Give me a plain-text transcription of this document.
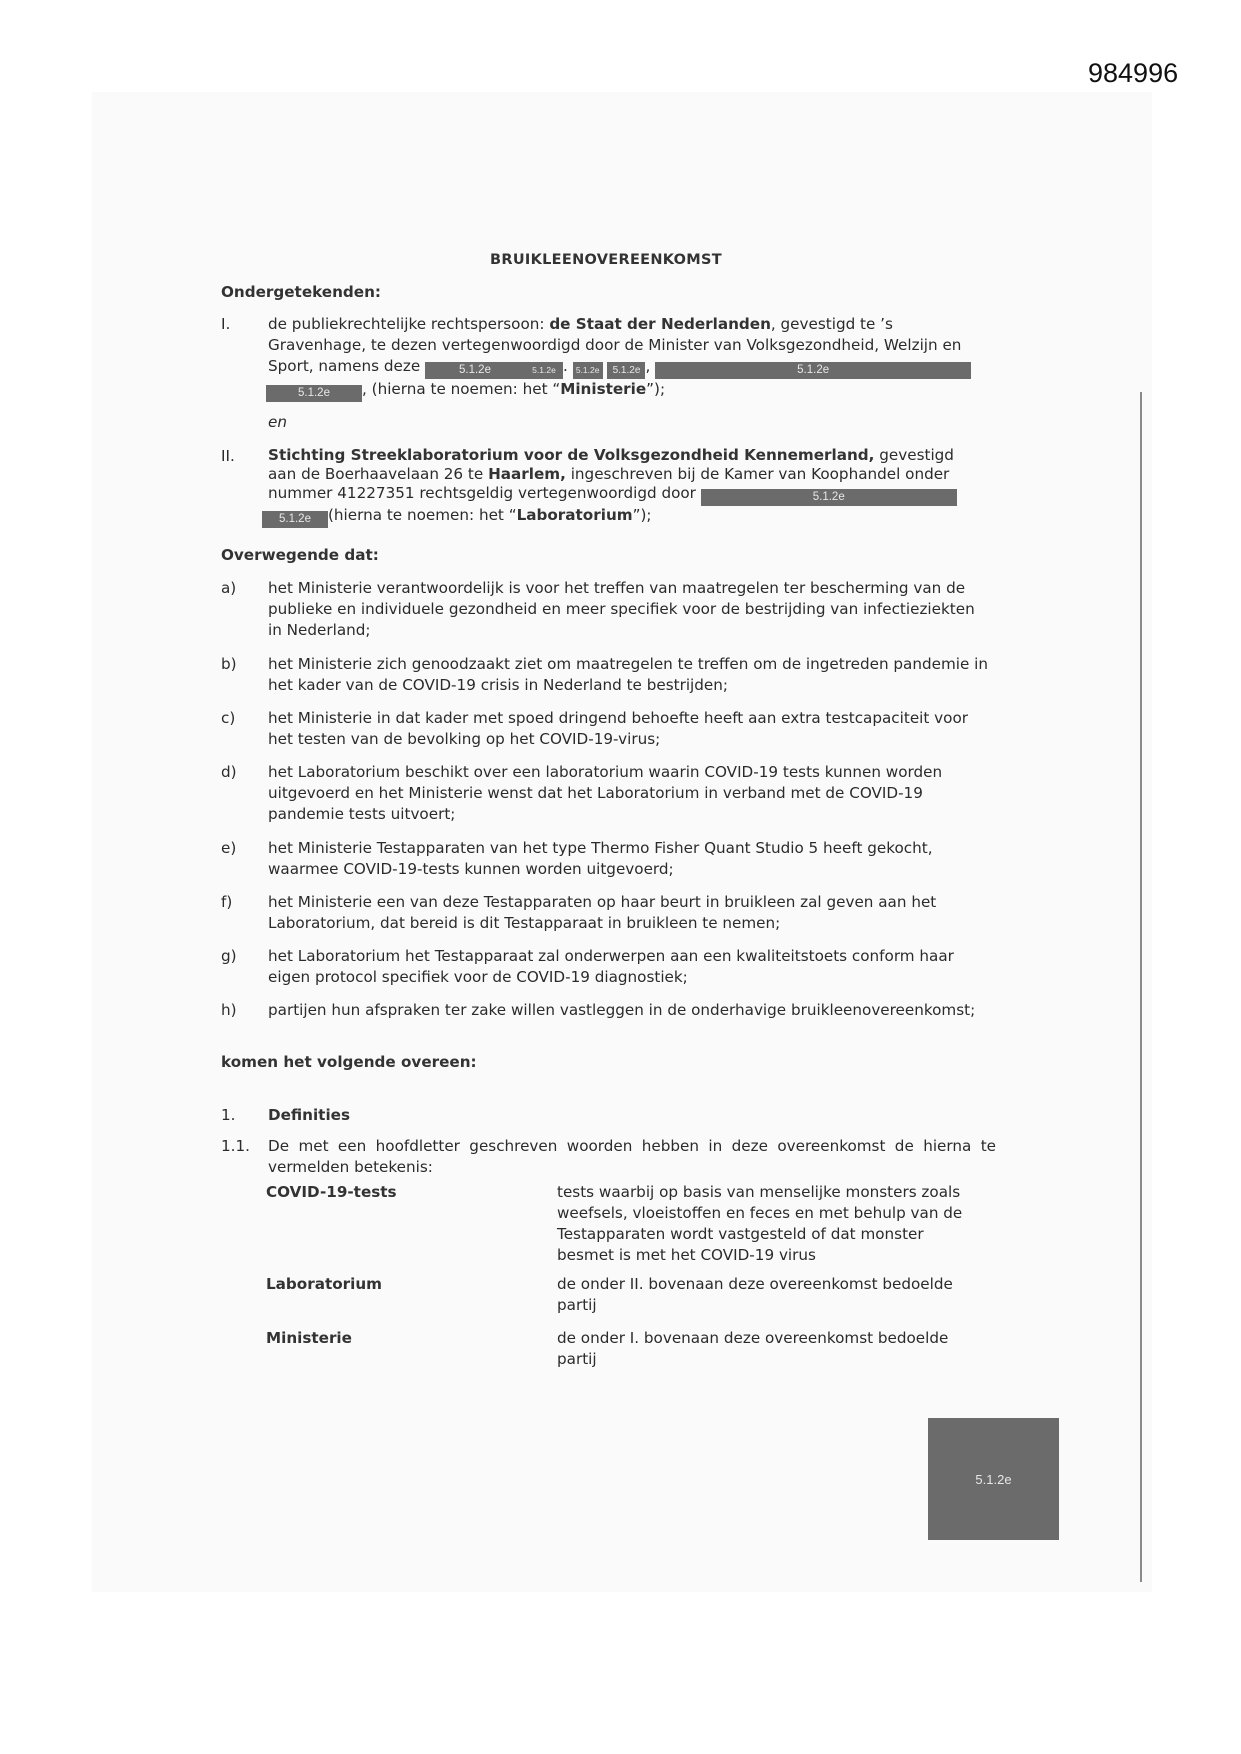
984996
BRUIKLEENOVEREENKOMST
Ondergetekenden:
I.	de publiekrechtelijke rechtspersoon: de Staat der Nederlanden, gevestigd te ’s
Gravenhage, te dezen vertegenwoordigd door de Minister van Volksgezondheid, Welzijn en
Sport, namens deze	5.1.2e	5.1.2e . 5.1.2e 5.1.2e ,	5.1.2e
5.1.2e , (hierna te noemen: het “Ministerie”);
en
II.	Stichting Streeklaboratorium voor de Volksgezondheid Kennemerland, gevestigd
aan de Boerhaavelaan 26 te Haarlem, ingeschreven bij de Kamer van Koophandel onder
nummer 41227351 rechtsgeldig vertegenwoordigd door	5.1.2e
5.1.2e (hierna te noemen: het “Laboratorium”);
Overwegende dat:
a)	het Ministerie verantwoordelijk is voor het treffen van maatregelen ter bescherming van de publieke en individuele gezondheid en meer specifiek voor de bestrijding van infectieziekten in Nederland;
b)	het Ministerie zich genoodzaakt ziet om maatregelen te treffen om de ingetreden pandemie in het kader van de COVID-19 crisis in Nederland te bestrijden;
c)	het Ministerie in dat kader met spoed dringend behoefte heeft aan extra testcapaciteit voor het testen van de bevolking op het COVID-19-virus;
d)	het Laboratorium beschikt over een laboratorium waarin COVID-19 tests kunnen worden uitgevoerd en het Ministerie wenst dat het Laboratorium in verband met de COVID-19 pandemie tests uitvoert;
e)	het Ministerie Testapparaten van het type Thermo Fisher Quant Studio 5 heeft gekocht, waarmee COVID-19-tests kunnen worden uitgevoerd;
f)	het Ministerie een van deze Testapparaten op haar beurt in bruikleen zal geven aan het Laboratorium, dat bereid is dit Testapparaat in bruikleen te nemen;
g)	het Laboratorium het Testapparaat zal onderwerpen aan een kwaliteitstoets conform haar eigen protocol specifiek voor de COVID-19 diagnostiek;
h)	partijen hun afspraken ter zake willen vastleggen in de onderhavige bruikleenovereenkomst;
komen het volgende overeen:
1.	Definities
1.1.	De met een hoofdletter geschreven woorden hebben in deze overeenkomst de hierna te vermelden betekenis:
COVID-19-tests	tests waarbij op basis van menselijke monsters zoals weefsels, vloeistoffen en feces en met behulp van de Testapparaten wordt vastgesteld of dat monster besmet is met het COVID-19 virus
Laboratorium	de onder II. bovenaan deze overeenkomst bedoelde partij
Ministerie	de onder I. bovenaan deze overeenkomst bedoelde partij
5.1.2e
